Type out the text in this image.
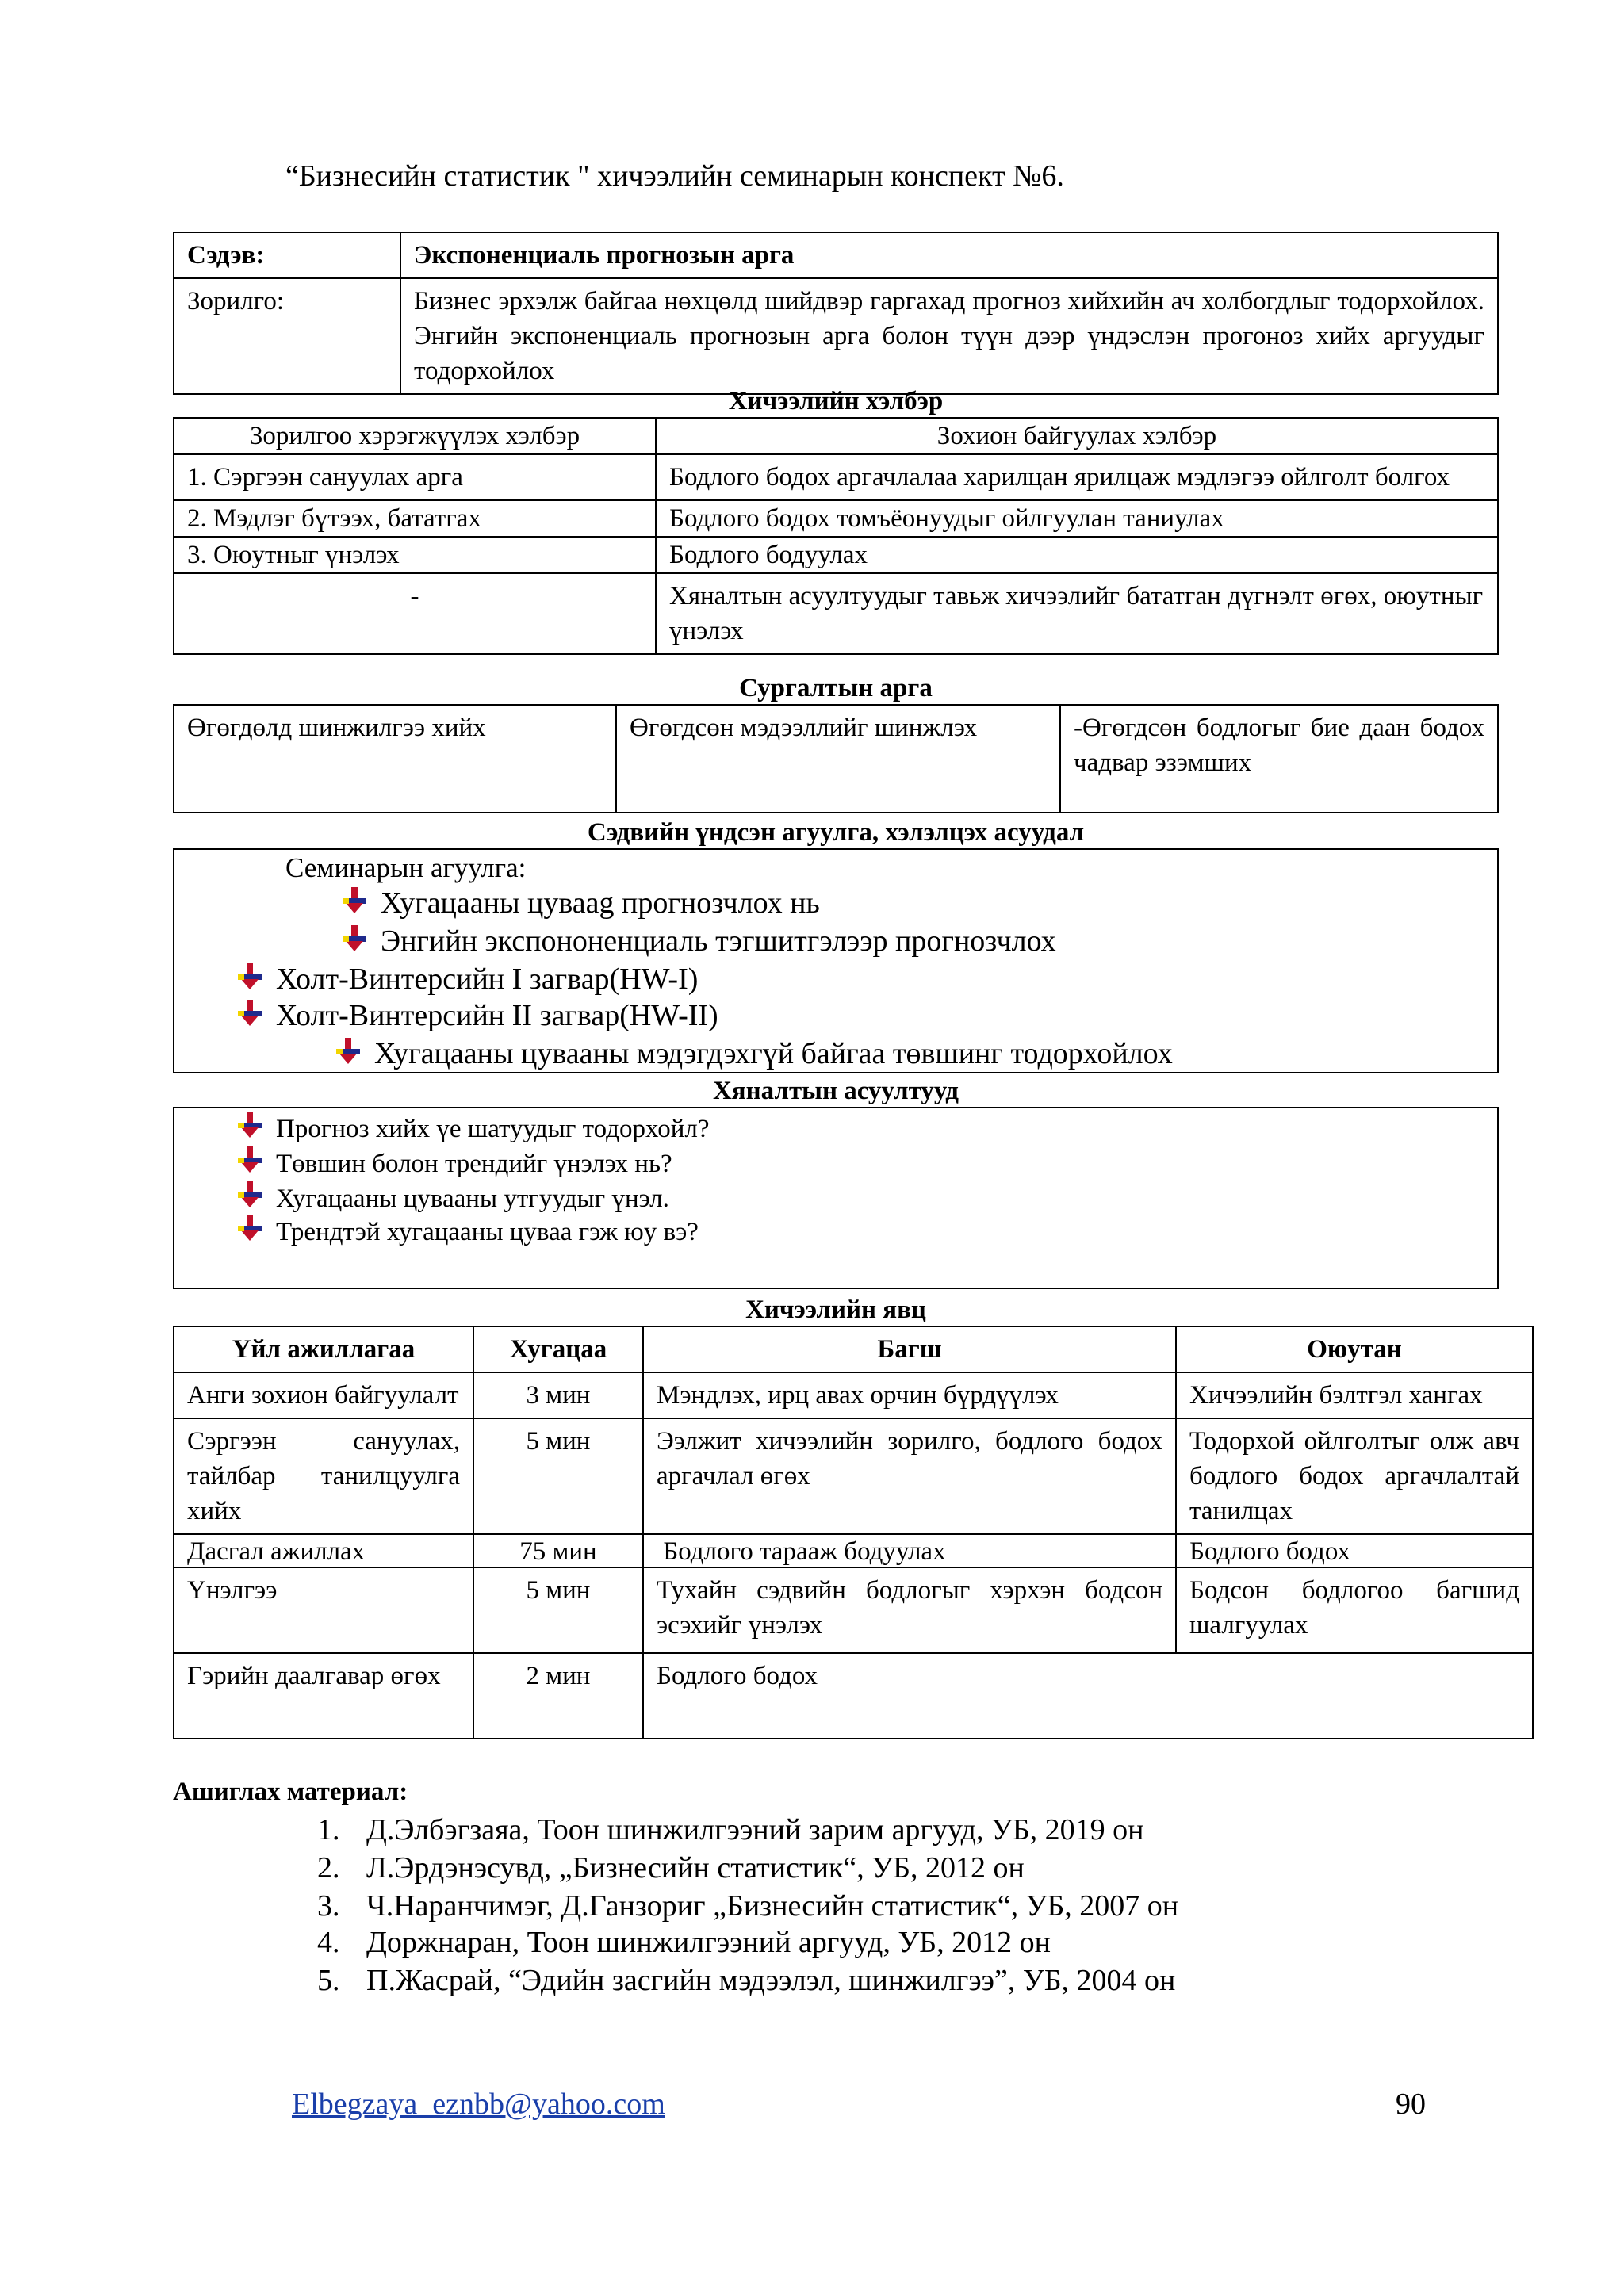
“Бизнесийн статистик " хичээлийн семинарын конспект №6.
Сэдэв:	Экспоненциаль прогнозын арга
Зорилго:	Бизнес эрхэлж байгаа нөхцөлд шийдвэр гаргахад прогноз хийхийн ач холбогдлыг тодорхойлох. Энгийн экспоненциаль прогнозын арга болон түүн дээр үндэслэн прогоноз хийх аргуудыг тодорхойлох
Хичээлийн хэлбэр
Зорилгоо хэрэгжүүлэх хэлбэр	Зохион байгуулах хэлбэр
1. Сэргээн сануулах арга	Бодлого бодох аргачлалаа харилцан ярилцаж мэдлэгээ ойлголт болгох
2. Мэдлэг бүтээх, бататгах	Бодлого бодох томъёонуудыг ойлгуулан таниулах
3. Оюутныг үнэлэх	Бодлого бодуулах
-	Хяналтын асуултуудыг тавьж хичээлийг бататган дүгнэлт өгөх, оюутныг үнэлэх
Сургалтын арга
Өгөгдөлд шинжилгээ хийх	Өгөгдсөн мэдээллийг шинжлэх	-Өгөгдсөн бодлогыг бие даан бодох чадвар эзэмших
Сэдвийн үндсэн агуулга, хэлэлцэх асуудал
Семинарын агуулга:
Хугацааны цуваag прогнозчлох нь
Энгийн экспононенциаль тэгшитгэлээр прогнозчлох
Холт-Винтерсийн I загвар(HW-I)
Холт-Винтерсийн II загвар(HW-II)
Хугацааны цувааны мэдэгдэхгүй байгаа төвшинг тодорхойлох
Хяналтын асуултууд
Прогноз хийх үе шатуудыг тодорхойл?
Төвшин болон трендийг үнэлэх нь?
Хугацааны цувааны утгуудыг үнэл.
Трендтэй хугацааны цуваа гэж юу вэ?
Хичээлийн явц
Үйл ажиллагаа	Хугацаа	Багш	Оюутан
Анги зохион байгуулалт	3 мин	Мэндлэх, ирц авах орчин бүрдүүлэх	Хичээлийн бэлтгэл хангах
Сэргээн сануулах, тайлбар танилцуулга хийх	5 мин	Ээлжит хичээлийн зорилго, бодлого бодох аргачлал өгөх	Тодорхой ойлголтыг олж авч бодлого бодох аргачлалтай танилцах
Дасгал ажиллах	75 мин	Бодлого тарааж бодуулах	Бодлого бодох
Үнэлгээ	5 мин	Тухайн сэдвийн бодлогыг хэрхэн бодсон эсэхийг үнэлэх	Бодсон бодлогоо багшид шалгуулах
Гэрийн даалгавар өгөх	2 мин	Бодлого бодох	
Ашиглах материал:
1. Д.Элбэгзаяа, Тоон шинжилгээний зарим аргууд, УБ, 2019 он
2. Л.Эрдэнэсувд, „Бизнесийн статистик“, УБ, 2012 он
3. Ч.Наранчимэг, Д.Ганзориг „Бизнесийн статистик“, УБ, 2007 он
4. Доржнаран, Тоон шинжилгээний аргууд, УБ, 2012 он
5. П.Жасрай, “Эдийн засгийн мэдээлэл, шинжилгээ”, УБ, 2004 он
Elbegzaya_eznbb@yahoo.com	90
